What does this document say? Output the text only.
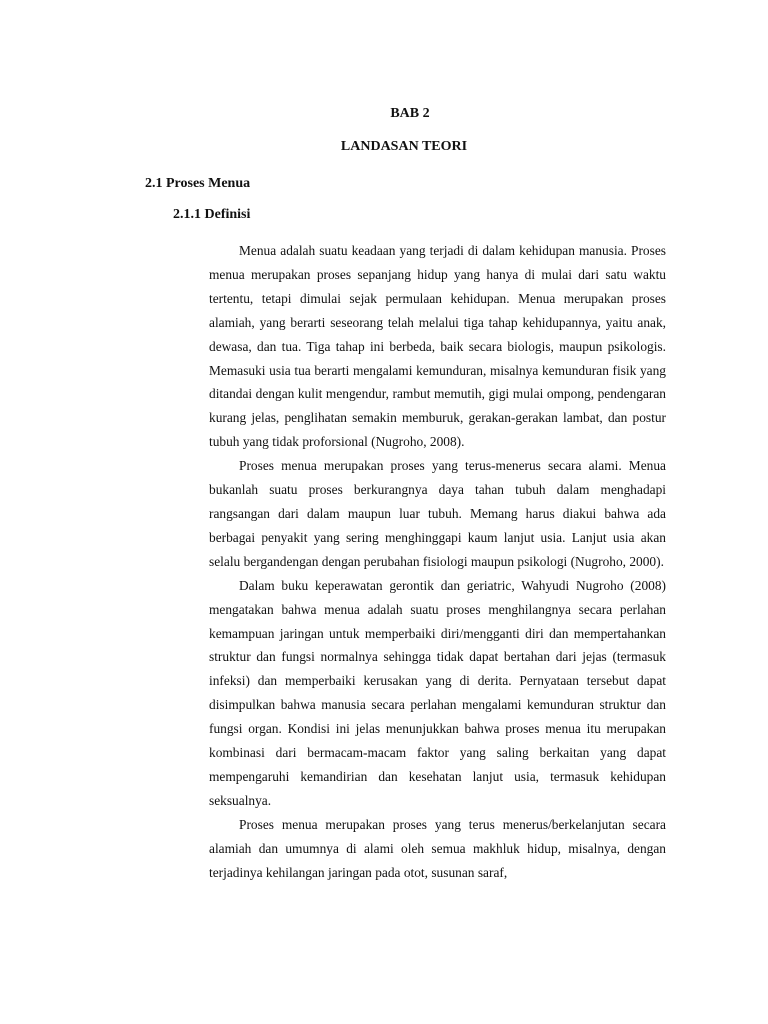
BAB 2
LANDASAN TEORI
2.1 Proses Menua
2.1.1 Definisi

Menua adalah suatu keadaan yang terjadi di dalam kehidupan manusia. Proses menua merupakan proses sepanjang hidup yang hanya di mulai dari satu waktu tertentu, tetapi dimulai sejak permulaan kehidupan. Menua merupakan proses alamiah, yang berarti seseorang telah melalui tiga tahap kehidupannya, yaitu anak, dewasa, dan tua. Tiga tahap ini berbeda, baik secara biologis, maupun psikologis. Memasuki usia tua berarti mengalami kemunduran, misalnya kemunduran fisik yang ditandai dengan kulit mengendur, rambut memutih, gigi mulai ompong, pendengaran kurang jelas, penglihatan semakin memburuk, gerakan-gerakan lambat, dan postur tubuh yang tidak proforsional (Nugroho, 2008).

Proses menua merupakan proses yang terus-menerus secara alami. Menua bukanlah suatu proses berkurangnya daya tahan tubuh dalam menghadapi rangsangan dari dalam maupun luar tubuh. Memang harus diakui bahwa ada berbagai penyakit yang sering menghinggapi kaum lanjut usia. Lanjut usia akan selalu bergandengan dengan perubahan fisiologi maupun psikologi (Nugroho, 2000).

Dalam buku keperawatan gerontik dan geriatric, Wahyudi Nugroho (2008) mengatakan bahwa menua adalah suatu proses menghilangnya secara perlahan kemampuan jaringan untuk memperbaiki diri/mengganti diri dan mempertahankan struktur dan fungsi normalnya sehingga tidak dapat bertahan dari jejas (termasuk infeksi) dan memperbaiki kerusakan yang di derita. Pernyataan tersebut dapat disimpulkan bahwa manusia secara perlahan mengalami kemunduran struktur dan fungsi organ. Kondisi ini jelas menunjukkan bahwa proses menua itu merupakan kombinasi dari bermacam-macam faktor yang saling berkaitan yang dapat mempengaruhi kemandirian dan kesehatan lanjut usia, termasuk kehidupan seksualnya.

Proses menua merupakan proses yang terus menerus/berkelanjutan secara alamiah dan umumnya di alami oleh semua makhluk hidup, misalnya, dengan terjadinya kehilangan jaringan pada otot, susunan saraf,
